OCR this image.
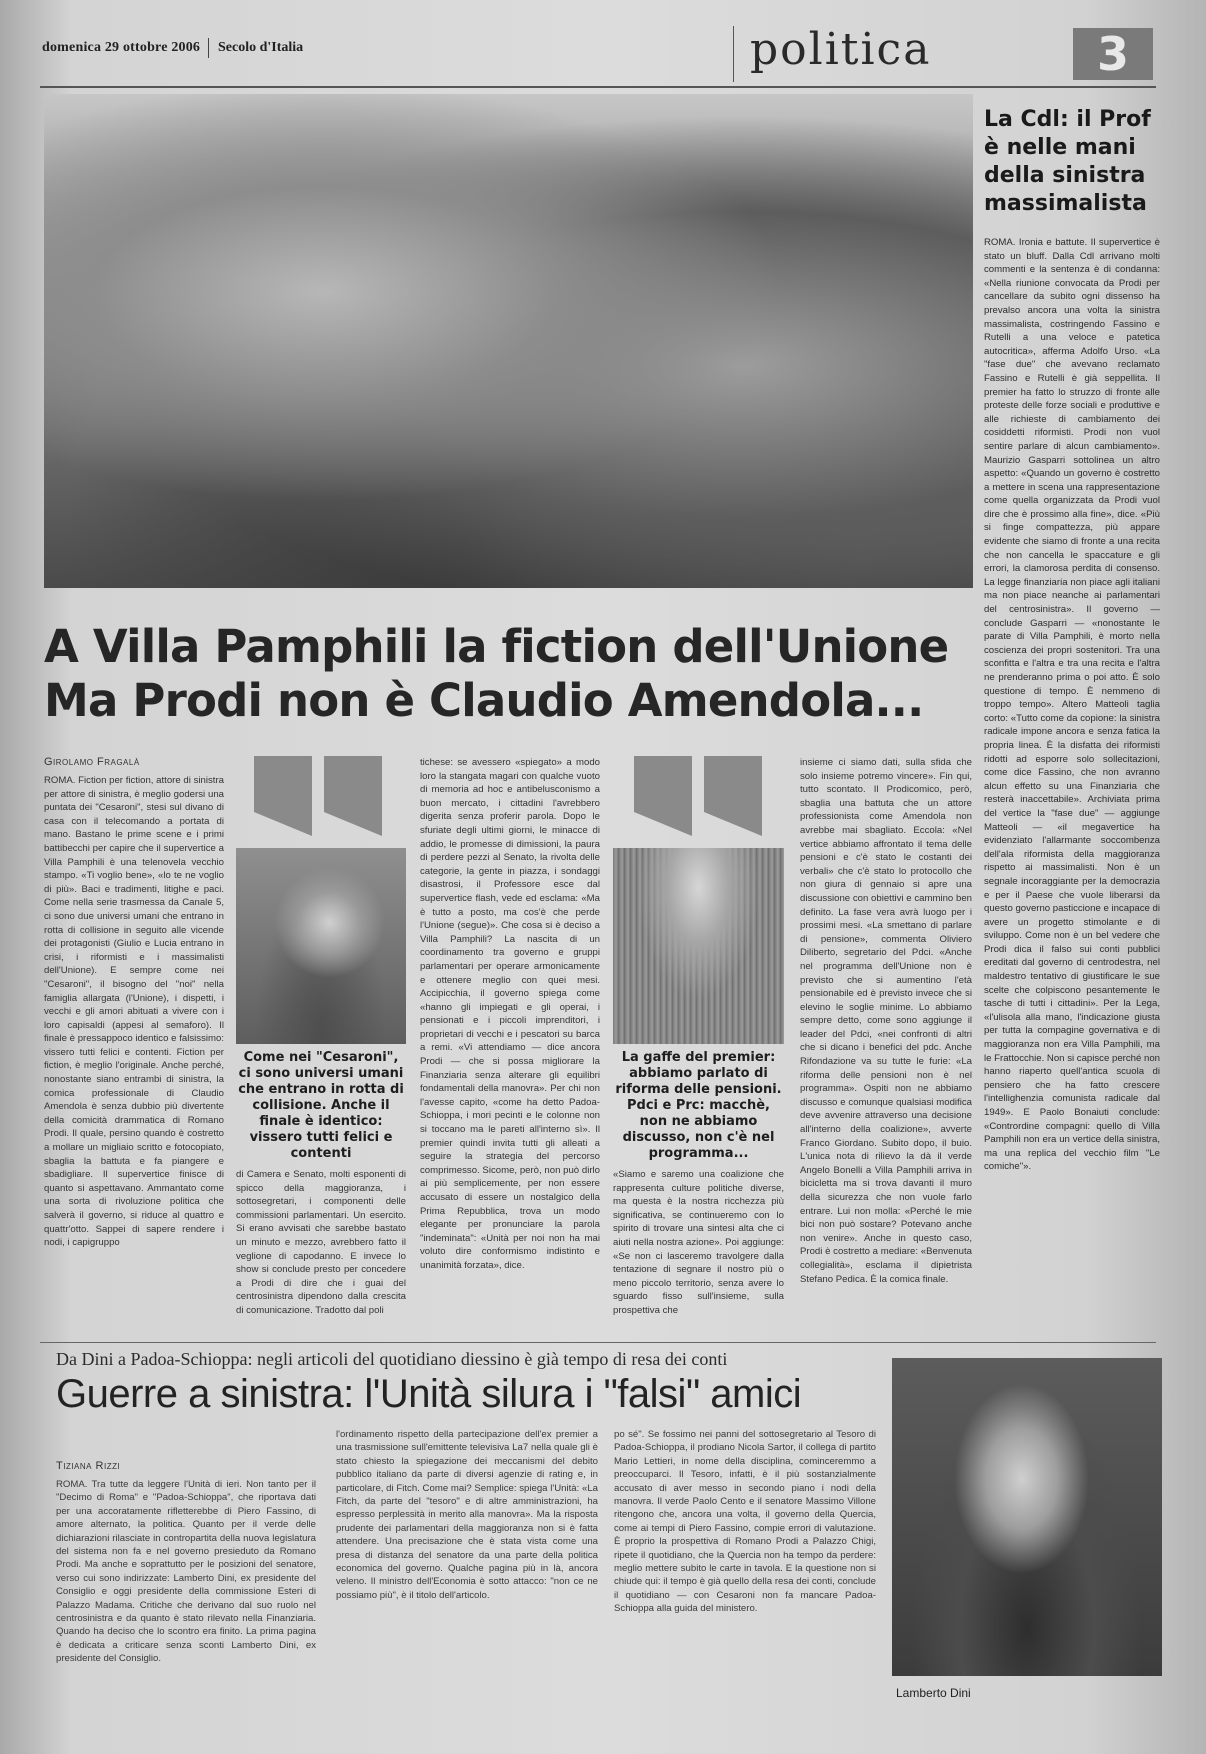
domenica 29 ottobre 2006 Secolo d'Italia	politica	3
La Cdl: il Prof è nelle mani della sinistra massimalista
ROMA. Ironia e battute. Il supervertice è stato un bluff. Dalla Cdl arrivano molti commenti e la sentenza è di condanna: «Nella riunione convocata da Prodi per cancellare da subito ogni dissenso ha prevalso ancora una volta la sinistra massimalista, costringendo Fassino e Rutelli a una veloce e patetica autocritica», afferma Adolfo Urso. «La "fase due" che avevano reclamato Fassino e Rutelli è già seppellita. Il premier ha fatto lo struzzo di fronte alle proteste delle forze sociali e produttive e alle richieste di cambiamento dei cosiddetti riformisti. Prodi non vuol sentire parlare di alcun cambiamento». Maurizio Gasparri sottolinea un altro aspetto: «Quando un governo è costretto a mettere in scena una rappresentazione come quella organizzata da Prodi vuol dire che è prossimo alla fine», dice. «Più si finge compattezza, più appare evidente che siamo di fronte a una recita che non cancella le spaccature e gli errori, la clamorosa perdita di consenso. La legge finanziaria non piace agli italiani ma non piace neanche ai parlamentari del centrosinistra». Il governo — conclude Gasparri — «nonostante le parate di Villa Pamphili, è morto nella coscienza dei propri sostenitori. Tra una sconfitta e l'altra e tra una recita e l'altra ne prenderanno prima o poi atto. È solo questione di tempo. È nemmeno di troppo tempo». Altero Matteoli taglia corto: «Tutto come da copione: la sinistra radicale impone ancora e senza fatica la propria linea. È la disfatta dei riformisti ridotti ad esporre solo sollecitazioni, come dice Fassino, che non avranno alcun effetto su una Finanziaria che resterà inaccettabile». Archiviata prima del vertice la "fase due" — aggiunge Matteoli — «il megavertice ha evidenziato l'allarmante soccombenza dell'ala riformista della maggioranza rispetto ai massimalisti. Non è un segnale incoraggiante per la democrazia e per il Paese che vuole liberarsi da questo governo pasticcione e incapace di avere un progetto stimolante e di sviluppo. Come non è un bel vedere che Prodi dica il falso sui conti pubblici ereditati dal governo di centrodestra, nel maldestro tentativo di giustificare le sue scelte che colpiscono pesantemente le tasche di tutti i cittadini». Per la Lega, «l'ulisola alla mano, l'indicazione giusta per tutta la compagine governativa e di maggioranza non era Villa Pamphili, ma le Frattocchie. Non si capisce perché non hanno riaperto quell'antica scuola di pensiero che ha fatto crescere l'intellighenzia comunista radicale dal 1949». E Paolo Bonaiuti conclude: «Contrordine compagni: quello di Villa Pamphili non era un vertice della sinistra, ma una replica del vecchio film "Le comiche"».
A Villa Pamphili la fiction dell'Unione
Ma Prodi non è Claudio Amendola...
Girolamo Fragalà
ROMA. Fiction per fiction, attore di sinistra per attore di sinistra, è meglio godersi una puntata dei "Cesaroni", stesi sul divano di casa con il telecomando a portata di mano. Bastano le prime scene e i primi battibecchi per capire che il supervertice a Villa Pamphili è una telenovela vecchio stampo. «Ti voglio bene», «lo te ne voglio di più». Baci e tradimenti, litighe e paci. Come nella serie trasmessa da Canale 5, ci sono due universi umani che entrano in rotta di collisione in seguito alle vicende dei protagonisti (Giulio e Lucia entrano in crisi, i riformisti e i massimalisti dell'Unione). E sempre come nei "Cesaroni", il bisogno del "noi" nella famiglia allargata (l'Unione), i dispetti, i vecchi e gli amori abituati a vivere con i loro capisaldi (appesi al semaforo). Il finale è pressappoco identico e falsissimo: vissero tutti felici e contenti. Fiction per fiction, è meglio l'originale. Anche perché, nonostante siano entrambi di sinistra, la comica professionale di Claudio Amendola è senza dubbio più divertente della comicità drammatica di Romano Prodi. Il quale, persino quando è costretto a mollare un migliaio scritto e fotocopiato, sbaglia la battuta e fa piangere e sbadigliare. Il supervertice finisce di quanto si aspettavano. Ammantato come una sorta di rivoluzione politica che salverà il governo, si riduce al quattro e quattr'otto. Sappei di sapere rendere i nodi, i capigruppo
Come nei "Cesaroni", ci sono universi umani che entrano in rotta di collisione. Anche il finale è identico: vissero tutti felici e contenti
di Camera e Senato, molti esponenti di spicco della maggioranza, i sottosegretari, i componenti delle commissioni parlamentari. Un esercito. Si erano avvisati che sarebbe bastato un minuto e mezzo, avrebbero fatto il veglione di capodanno. E invece lo show si conclude presto per concedere a Prodi di dire che i guai del centrosinistra dipendono dalla crescita di comunicazione. Tradotto dal poli
tichese: se avessero «spiegato» a modo loro la stangata magari con qualche vuoto di memoria ad hoc e antibelusconismo a buon mercato, i cittadini l'avrebbero digerita senza proferir parola. Dopo le sfuriate degli ultimi giorni, le minacce di addio, le promesse di dimissioni, la paura di perdere pezzi al Senato, la rivolta delle categorie, la gente in piazza, i sondaggi disastrosi, il Professore esce dal supervertice flash, vede ed esclama: «Ma è tutto a posto, ma cos'è che perde l'Unione (segue)». Che cosa si è deciso a Villa Pamphili? La nascita di un coordinamento tra governo e gruppi parlamentari per operare armonicamente e ottenere meglio con quei mesi. Accipicchia, il governo spiega come «hanno gli impiegati e gli operai, i pensionati e i piccoli imprenditori, i proprietari di vecchi e i pescatori su barca a remi. «Vi attendiamo — dice ancora Prodi — che si possa migliorare la Finanziaria senza alterare gli equilibri fondamentali della manovra». Per chi non l'avesse capito, «come ha detto Padoa-Schioppa, i mori pecinti e le colonne non si toccano ma le pareti all'interno sì». Il premier quindi invita tutti gli alleati a seguire la strategia del percorso comprimesso. Sicome, però, non può dirlo ai più semplicemente, per non essere accusato di essere un nostalgico della Prima Repubblica, trova un modo elegante per pronunciare la parola "indeminata": «Unità per noi non ha mai voluto dire conformismo indistinto e unanimità forzata», dice.
La gaffe del premier: abbiamo parlato di riforma delle pensioni. Pdci e Prc: macchè, non ne abbiamo discusso, non c'è nel programma...
«Siamo e saremo una coalizione che rappresenta culture politiche diverse, ma questa è la nostra ricchezza più significativa, se continueremo con lo spirito di trovare una sintesi alta che ci aiuti nella nostra azione». Poi aggiunge: «Se non ci lasceremo travolgere dalla tentazione di segnare il nostro più o meno piccolo territorio, senza avere lo sguardo fisso sull'insieme, sulla prospettiva che
insieme ci siamo dati, sulla sfida che solo insieme potremo vincere». Fin qui, tutto scontato. Il Prodicomico, però, sbaglia una battuta che un attore professionista come Amendola non avrebbe mai sbagliato. Eccola: «Nel vertice abbiamo affrontato il tema delle pensioni e c'è stato le costanti dei verbali» che c'è stato lo protocollo che non giura di gennaio si apre una discussione con obiettivi e cammino ben definito. La fase vera avrà luogo per i prossimi mesi. «La smettano di parlare di pensione», commenta Oliviero Diliberto, segretario del Pdci. «Anche nel programma dell'Unione non è previsto che si aumentino l'età pensionabile ed è previsto invece che si elevino le soglie minime. Lo abbiamo sempre detto, come sono aggiunge il leader del Pdci, «nei confronti di altri che si dicano i benefici del pdc. Anche Rifondazione va su tutte le furie: «La riforma delle pensioni non è nel programma». Ospiti non ne abbiamo discusso e comunque qualsiasi modifica deve avvenire attraverso una decisione all'interno della coalizione», avverte Franco Giordano. Subito dopo, il buio. L'unica nota di rilievo la dà il verde Angelo Bonelli a Villa Pamphili arriva in bicicletta ma si trova davanti il muro della sicurezza che non vuole farlo entrare. Lui non molla: «Perché le mie bici non può sostare? Potevano anche non venire». Anche in questo caso, Prodi è costretto a mediare: «Benvenuta collegialità», esclama il dipietrista Stefano Pedica. È la comica finale.
Da Dini a Padoa-Schioppa: negli articoli del quotidiano diessino è già tempo di resa dei conti
Guerre a sinistra: l'Unità silura i "falsi" amici
Tiziana Rizzi
ROMA. Tra tutte da leggere l'Unità di ieri. Non tanto per il "Decimo di Roma" e "Padoa-Schioppa", che riportava dati per una accoratamente rifletterebbe di Piero Fassino, di amore alternato, la politica. Quanto per il verde delle dichiarazioni rilasciate in contropartita della nuova legislatura del sistema non fa e nel governo presieduto da Romano Prodi. Ma anche e soprattutto per le posizioni del senatore, verso cui sono indirizzate: Lamberto Dini, ex presidente del Consiglio e oggi presidente della commissione Esteri di Palazzo Madama. Critiche che derivano dal suo ruolo nel centrosinistra e da quanto è stato rilevato nella Finanziaria. Quando ha deciso che lo scontro era finito. La prima pagina è dedicata a criticare senza sconti Lamberto Dini, ex presidente del Consiglio.
l'ordinamento rispetto della partecipazione dell'ex premier a una trasmissione sull'emittente televisiva La7 nella quale gli è stato chiesto la spiegazione dei meccanismi del debito pubblico italiano da parte di diversi agenzie di rating e, in particolare, di Fitch. Come mai? Semplice: spiega l'Unità: «La Fitch, da parte del "tesoro" e di altre amministrazioni, ha espresso perplessità in merito alla manovra». Ma la risposta prudente dei parlamentari della maggioranza non si è fatta attendere. Una precisazione che è stata vista come una presa di distanza del senatore da una parte della politica economica del governo. Qualche pagina più in là, ancora veleno. Il ministro dell'Economia è sotto attacco: "non ce ne possiamo più", è il titolo dell'articolo.
po sé". Se fossimo nei panni del sottosegretario al Tesoro di Padoa-Schioppa, il prodiano Nicola Sartor, il collega di partito Mario Lettieri, in nome della disciplina, cominceremmo a preoccuparci. Il Tesoro, infatti, è il più sostanzialmente accusato di aver messo in secondo piano i nodi della manovra. Il verde Paolo Cento e il senatore Massimo Villone ritengono che, ancora una volta, il governo della Quercia, come ai tempi di Piero Fassino, compie errori di valutazione. È proprio la prospettiva di Romano Prodi a Palazzo Chigi, ripete il quotidiano, che la Quercia non ha tempo da perdere: meglio mettere subito le carte in tavola. E la questione non si chiude qui: il tempo è già quello della resa dei conti, conclude il quotidiano — con Cesaroni non fa mancare Padoa-Schioppa alla guida del ministero.
Lamberto Dini
